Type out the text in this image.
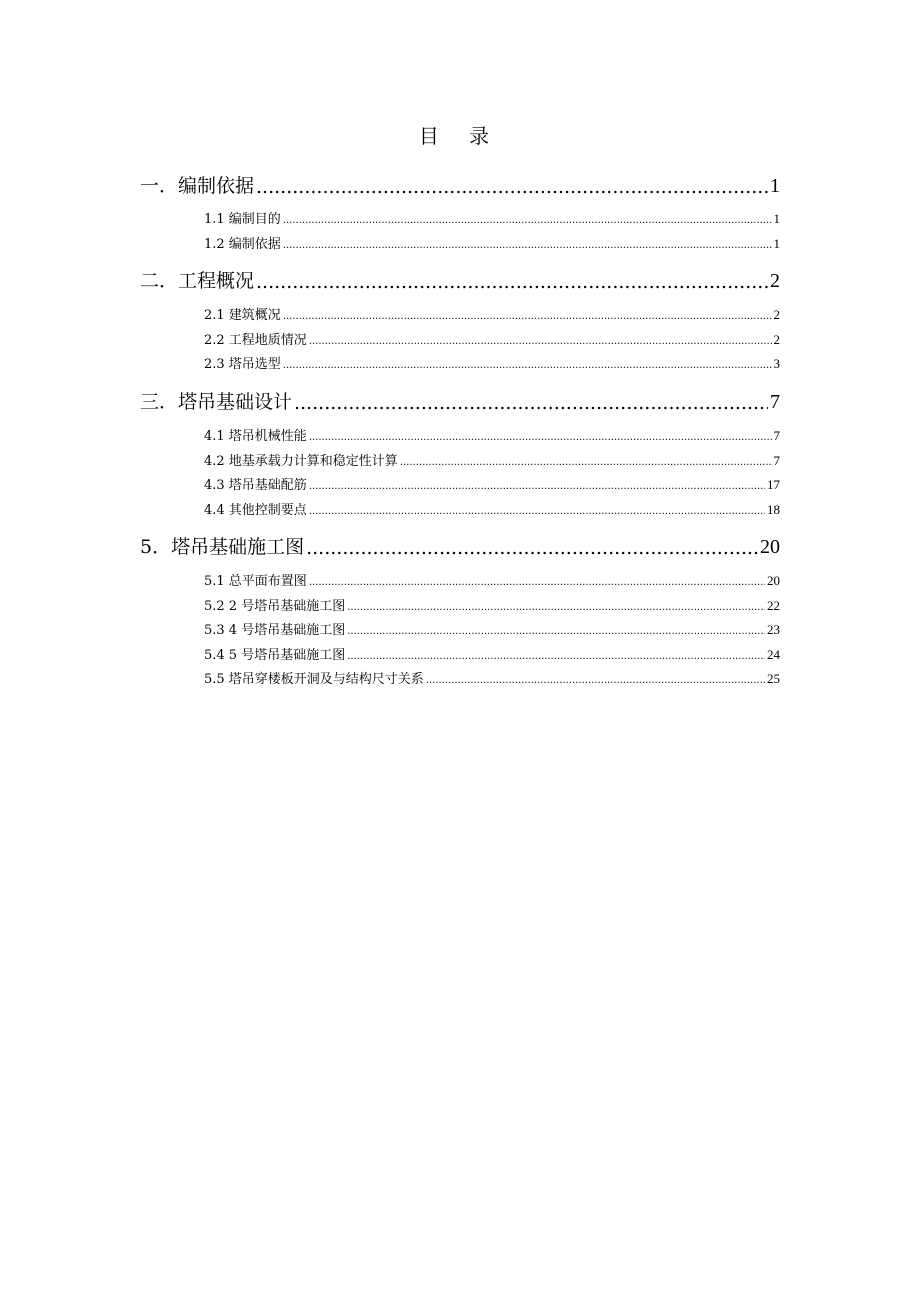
目 录
一．编制依据 .....	1
1.1 编制目的 .....	1
1.2 编制依据 .....	1
二．工程概况 .....	2
2.1 建筑概况 .....	2
2.2 工程地质情况 .....	2
2.3 塔吊选型 .....	3
三．塔吊基础设计 .....	7
4.1 塔吊机械性能 .....	7
4.2 地基承载力计算和稳定性计算 .....	7
4.3 塔吊基础配筋 .....	17
4.4 其他控制要点 .....	18
5．塔吊基础施工图 .....	20
5.1 总平面布置图 .....	20
5.2 2 号塔吊基础施工图 .....	22
5.3 4 号塔吊基础施工图 .....	23
5.4 5 号塔吊基础施工图 .....	24
5.5 塔吊穿楼板开洞及与结构尺寸关系 .....	25
